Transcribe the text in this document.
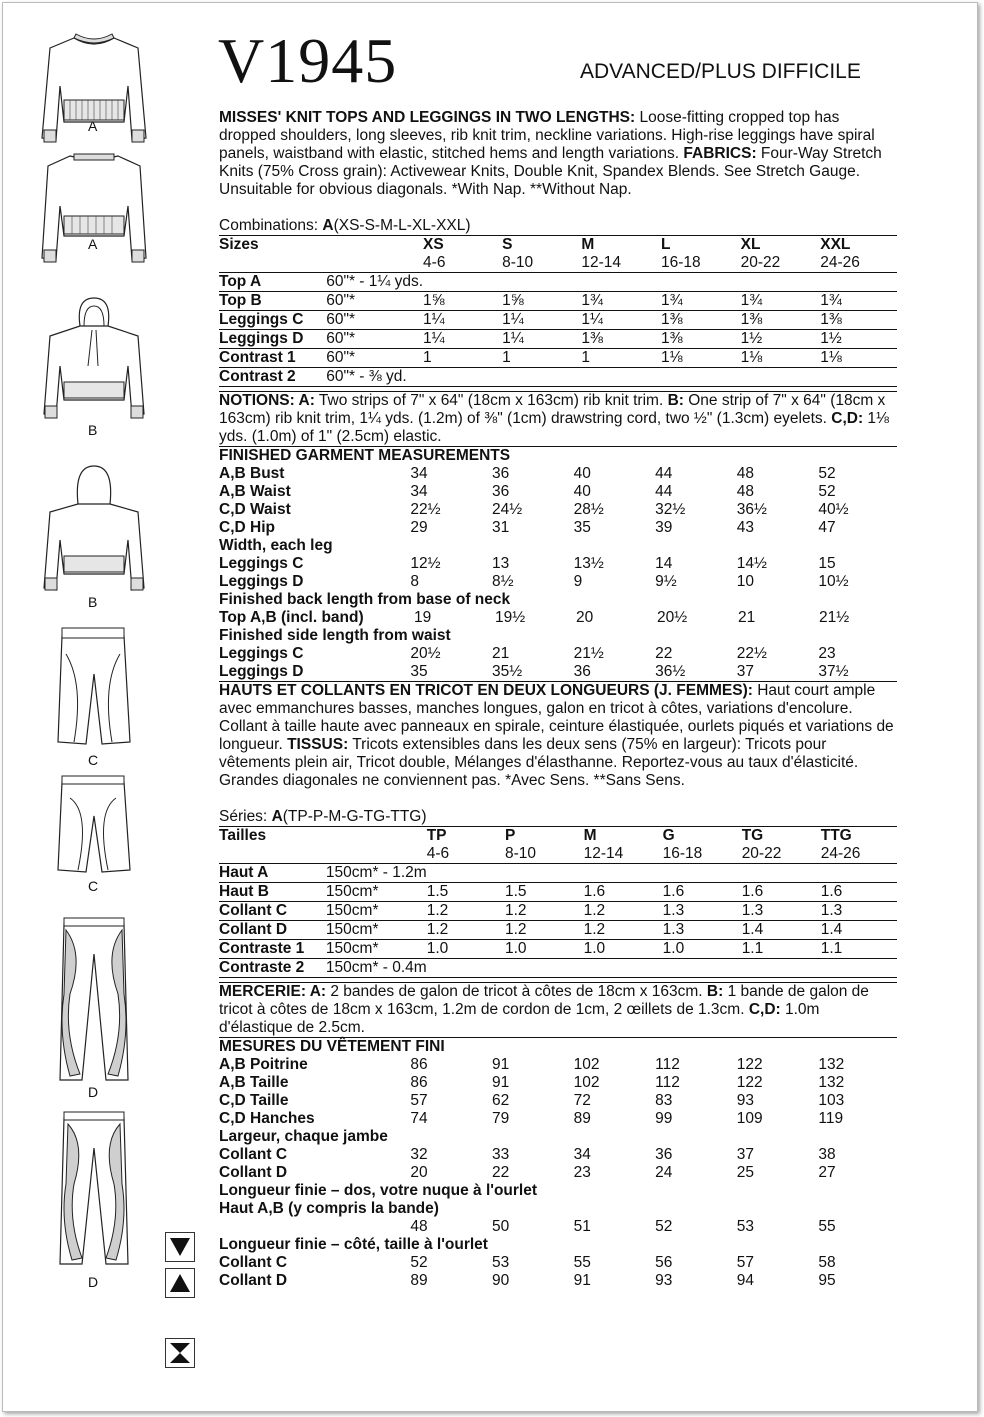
A
A
B
B
C
C
D
D
V1945	ADVANCED/PLUS DIFFICILE

MISSES' KNIT TOPS AND LEGGINGS IN TWO LENGTHS: Loose-fitting cropped top has dropped shoulders, long sleeves, rib knit trim, neckline variations. High-rise leggings have spiral panels, waistband with elastic, stitched hems and length variations. FABRICS: Four-Way Stretch Knits (75% Cross grain): Activewear Knits, Double Knit, Spandex Blends. See Stretch Gauge. Unsuitable for obvious diagonals. *With Nap. **Without Nap.

Combinations: A(XS-S-M-L-XL-XXL)
Sizes		XS	S	M	L	XL	XXL
		4-6	8-10	12-14	16-18	20-22	24-26
Top A	60"* - 1¼ yds.						
Top B	60"*	1⅝	1⅝	1¾	1¾	1¾	1¾
Leggings C	60"*	1¼	1¼	1¼	1⅜	1⅜	1⅜
Leggings D	60"*	1¼	1¼	1⅜	1⅜	1½	1½
Contrast 1	60"*	1	1	1	1⅛	1⅛	1⅛
Contrast 2	60"* - ⅜ yd.						

NOTIONS: A: Two strips of 7" x 64" (18cm x 163cm) rib knit trim. B: One strip of 7" x 64" (18cm x 163cm) rib knit trim, 1¼ yds. (1.2m) of ⅜" (1cm) drawstring cord, two ½" (1.3cm) eyelets. C,D: 1⅛ yds. (1.0m) of 1" (2.5cm) elastic.

FINISHED GARMENT MEASUREMENTS
A,B Bust		34	36	40	44	48	52
A,B Waist		34	36	40	44	48	52
C,D Waist		22½	24½	28½	32½	36½	40½
C,D Hip		29	31	35	39	43	47
Width, each leg
Leggings C		12½	13	13½	14	14½	15
Leggings D		8	8½	9	9½	10	10½
Finished back length from base of neck
Top A,B (incl. band)	19	19½	20	20½	21	21½
Finished side length from waist
Leggings C		20½	21	21½	22	22½	23
Leggings D		35	35½	36	36½	37	37½

HAUTS ET COLLANTS EN TRICOT EN DEUX LONGUEURS (J. FEMMES): Haut court ample avec emmanchures basses, manches longues, galon en tricot à côtes, variations d'encolure. Collant à taille haute avec panneaux en spirale, ceinture élastiquée, ourlets piqués et variations de longueur. TISSUS: Tricots extensibles dans les deux sens (75% en largeur): Tricots pour vêtements plein air, Tricot double, Mélanges d'élasthanne. Reportez-vous au taux d'élasticité. Grandes diagonales ne conviennent pas. *Avec Sens. **Sans Sens.

Séries: A(TP-P-M-G-TG-TTG)
Tailles		TP	P	M	G	TG	TTG
		4-6	8-10	12-14	16-18	20-22	24-26
Haut A	150cm* - 1.2m						
Haut B	150cm*	1.5	1.5	1.6	1.6	1.6	1.6
Collant C	150cm*	1.2	1.2	1.2	1.3	1.3	1.3
Collant D	150cm*	1.2	1.2	1.2	1.3	1.4	1.4
Contraste 1	150cm*	1.0	1.0	1.0	1.0	1.1	1.1
Contraste 2	150cm* - 0.4m						

MERCERIE: A: 2 bandes de galon de tricot à côtes de 18cm x 163cm. B: 1 bande de galon de tricot à côtes de 18cm x 163cm, 1.2m de cordon de 1cm, 2 œillets de 1.3cm. C,D: 1.0m d'élastique de 2.5cm.

MESURES DU VÊTEMENT FINI
A,B Poitrine		86	91	102	112	122	132
A,B Taille		86	91	102	112	122	132
C,D Taille		57	62	72	83	93	103
C,D Hanches		74	79	89	99	109	119
Largeur, chaque jambe
Collant C		32	33	34	36	37	38
Collant D		20	22	23	24	25	27
Longueur finie – dos, votre nuque à l'ourlet
Haut A,B (y compris la bande)
		48	50	51	52	53	55
Longueur finie – côté, taille à l'ourlet
Collant C		52	53	55	56	57	58
Collant D		89	90	91	93	94	95
